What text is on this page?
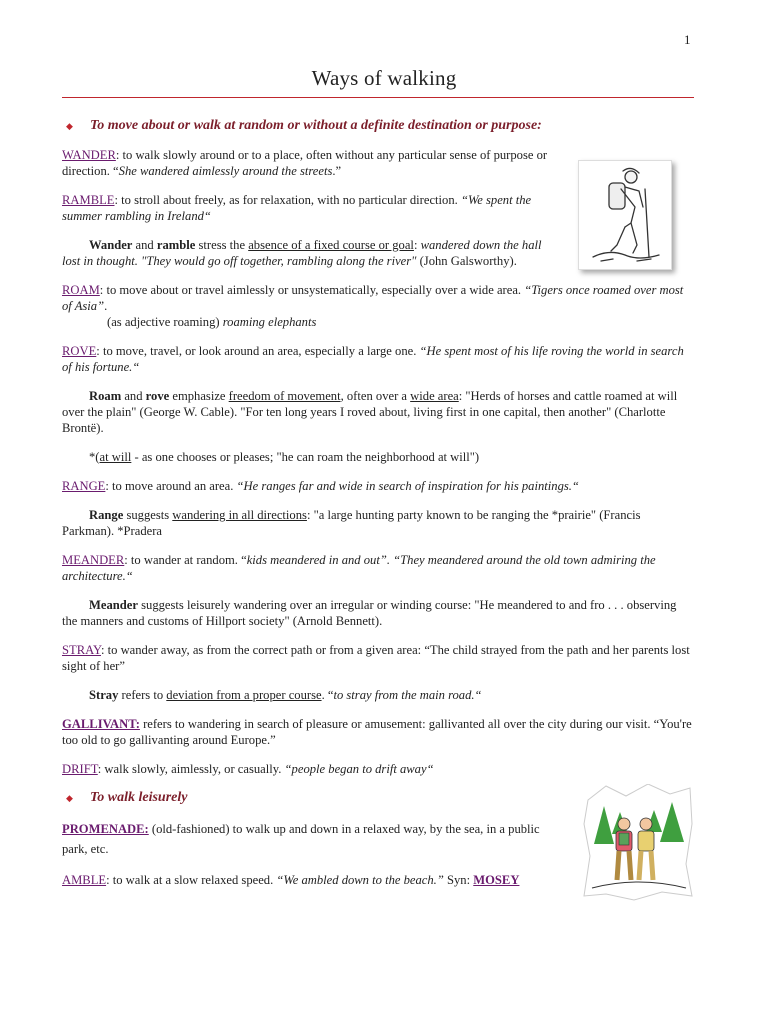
1
Ways of walking
◆	To move about or walk at random or without a definite destination or purpose:

WANDER: to walk slowly around or to a place, often without any particular sense of purpose or direction. “She wandered aimlessly around the streets.”

RAMBLE: to stroll about freely, as for relaxation, with no particular direction. “We spent the summer rambling in Ireland“

Wander and ramble stress the absence of a fixed course or goal: wandered down the hall lost in thought. "They would go off together, rambling along the river" (John Galsworthy).

ROAM: to move about or travel aimlessly or unsystematically, especially over a wide area. “Tigers once roamed over most of Asia”.
(as adjective roaming) roaming elephants

ROVE: to move, travel, or look around an area, especially a large one. “He spent most of his life roving the world in search of his fortune.“

Roam and rove emphasize freedom of movement, often over a wide area: "Herds of horses and cattle roamed at will over the plain" (George W. Cable). "For ten long years I roved about, living first in one capital, then another" (Charlotte Brontë).

*(at will - as one chooses or pleases; "he can roam the neighborhood at will")

RANGE: to move around an area. “He ranges far and wide in search of inspiration for his paintings.“

Range suggests wandering in all directions: "a large hunting party known to be ranging the *prairie" (Francis Parkman). *Pradera

MEANDER: to wander at random. “kids meandered in and out”. “They meandered around the old town admiring the architecture.“

Meander suggests leisurely wandering over an irregular or winding course: "He meandered to and fro . . . observing the manners and customs of Hillport society" (Arnold Bennett).

STRAY: to wander away, as from the correct path or from a given area: “The child strayed from the path and her parents lost sight of her”

Stray refers to deviation from a proper course. “to stray from the main road.“

GALLIVANT: refers to wandering in search of pleasure or amusement: gallivanted all over the city during our visit. “You're too old to go gallivanting around Europe.”

DRIFT: walk slowly, aimlessly, or casually. “people began to drift away“

◆	To walk leisurely

PROMENADE: (old-fashioned) to walk up and down in a relaxed way, by the sea, in a public park, etc.

AMBLE: to walk at a slow relaxed speed. “We ambled down to the beach.” Syn: MOSEY
